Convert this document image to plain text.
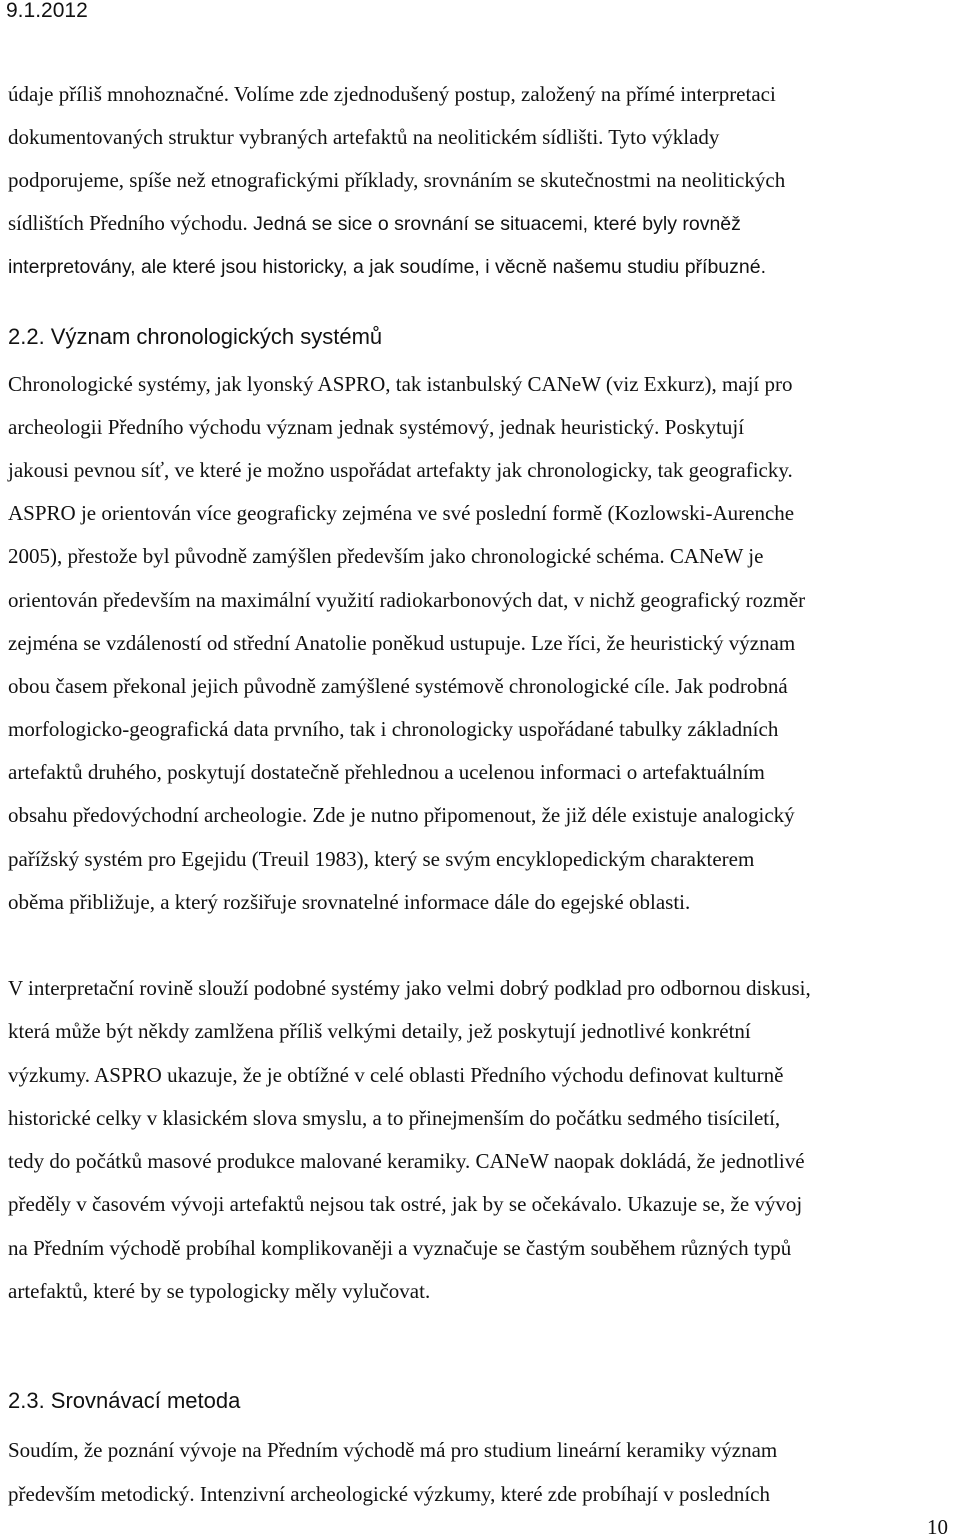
9.1.2012
údaje příliš mnohoznačné. Volíme zde zjednodušený postup, založený na přímé interpretaci
dokumentovaných struktur vybraných artefaktů na neolitickém sídlišti. Tyto výklady
podporujeme, spíše než etnografickými příklady, srovnáním se skutečnostmi na neolitických
sídlištích Předního východu. Jedná se sice o srovnání se situacemi, které byly rovněž
interpretovány, ale které jsou historicky, a jak soudíme, i věcně našemu studiu příbuzné.
2.2. Význam chronologických systémů
Chronologické systémy, jak lyonský ASPRO, tak istanbulský CANeW (viz Exkurz), mají pro
archeologii Předního východu význam jednak systémový, jednak heuristický. Poskytují
jakousi pevnou síť, ve které je možno uspořádat artefakty jak chronologicky, tak geograficky.
ASPRO je orientován více geograficky zejména ve své poslední formě (Kozlowski-Aurenche
2005), přestože byl původně zamýšlen především jako chronologické schéma. CANeW je
orientován především na maximální využití radiokarbonových dat, v nichž geografický rozměr
zejména se vzdáleností od střední Anatolie poněkud ustupuje. Lze říci, že heuristický význam
obou časem překonal jejich původně zamýšlené systémově chronologické cíle. Jak podrobná
morfologicko-geografická data prvního, tak i chronologicky uspořádané tabulky základních
artefaktů druhého, poskytují dostatečně přehlednou a ucelenou informaci o artefaktuálním
obsahu předovýchodní archeologie. Zde je nutno připomenout, že již déle existuje analogický
pařížský systém pro Egejidu (Treuil 1983), který se svým encyklopedickým charakterem
oběma přibližuje, a který rozšiřuje srovnatelné informace dále do egejské oblasti.
V interpretační rovině slouží podobné systémy jako velmi dobrý podklad pro odbornou diskusi,
která může být někdy zamlžena příliš velkými detaily, jež poskytují jednotlivé konkrétní
výzkumy. ASPRO ukazuje, že je obtížné v celé oblasti Předního východu definovat kulturně
historické celky v klasickém slova smyslu, a to přinejmenším do počátku sedmého tisíciletí,
tedy do počátků masové produkce malované keramiky. CANeW naopak dokládá, že jednotlivé
předěly v časovém vývoji artefaktů nejsou tak ostré, jak by se očekávalo. Ukazuje se, že vývoj
na Předním východě probíhal komplikovaněji a vyznačuje se častým souběhem různých typů
artefaktů, které by se typologicky měly vylučovat.
2.3. Srovnávací metoda
Soudím, že poznání vývoje na Předním východě má pro studium lineární keramiky význam
především metodický. Intenzivní archeologické výzkumy, které zde probíhají v posledních
10
